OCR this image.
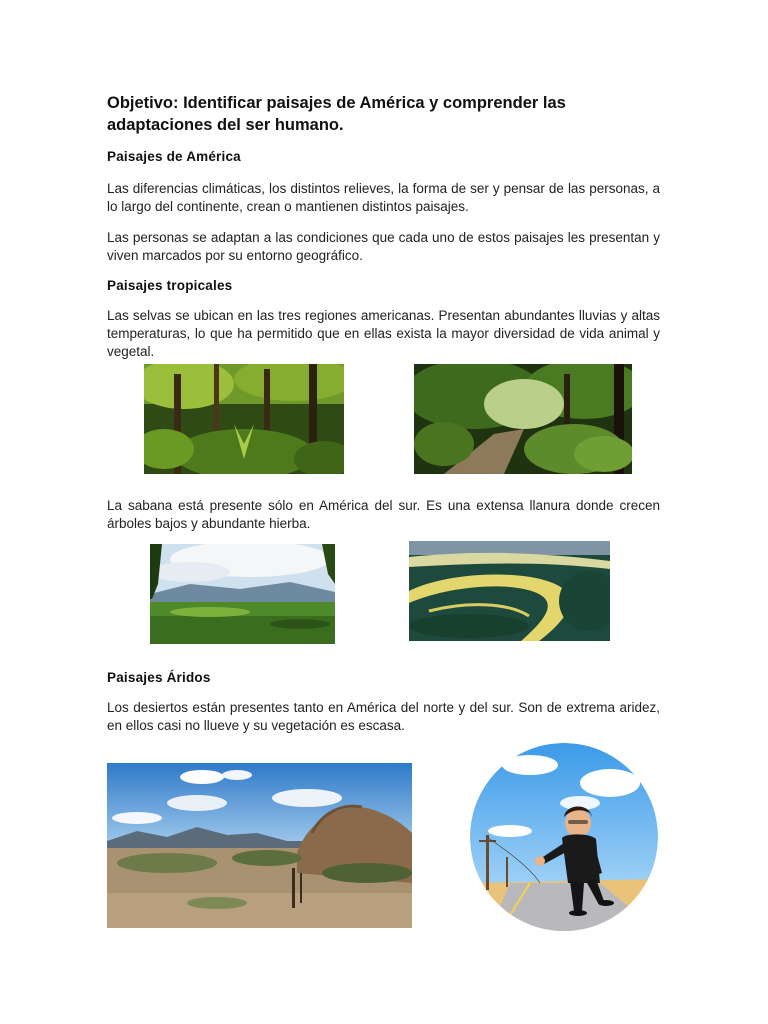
Objetivo: Identificar paisajes de América y comprender las adaptaciones del ser humano.
Paisajes de América

Las diferencias climáticas, los distintos relieves, la forma de ser y pensar de las personas, a lo largo del continente, crean o mantienen distintos paisajes.

Las personas se adaptan a las condiciones que cada uno de estos paisajes les presentan y viven marcados por su entorno geográfico.

Paisajes tropicales

Las selvas se ubican en las tres regiones americanas. Presentan abundantes lluvias y altas temperaturas, lo que ha permitido que en ellas exista la mayor diversidad de vida animal y vegetal.

La sabana está presente sólo en América del sur. Es una extensa llanura donde crecen árboles bajos y abundante hierba.

Paisajes Áridos

Los desiertos están presentes tanto en América del norte y del sur. Son de extrema aridez, en ellos casi no llueve y su vegetación es escasa.
